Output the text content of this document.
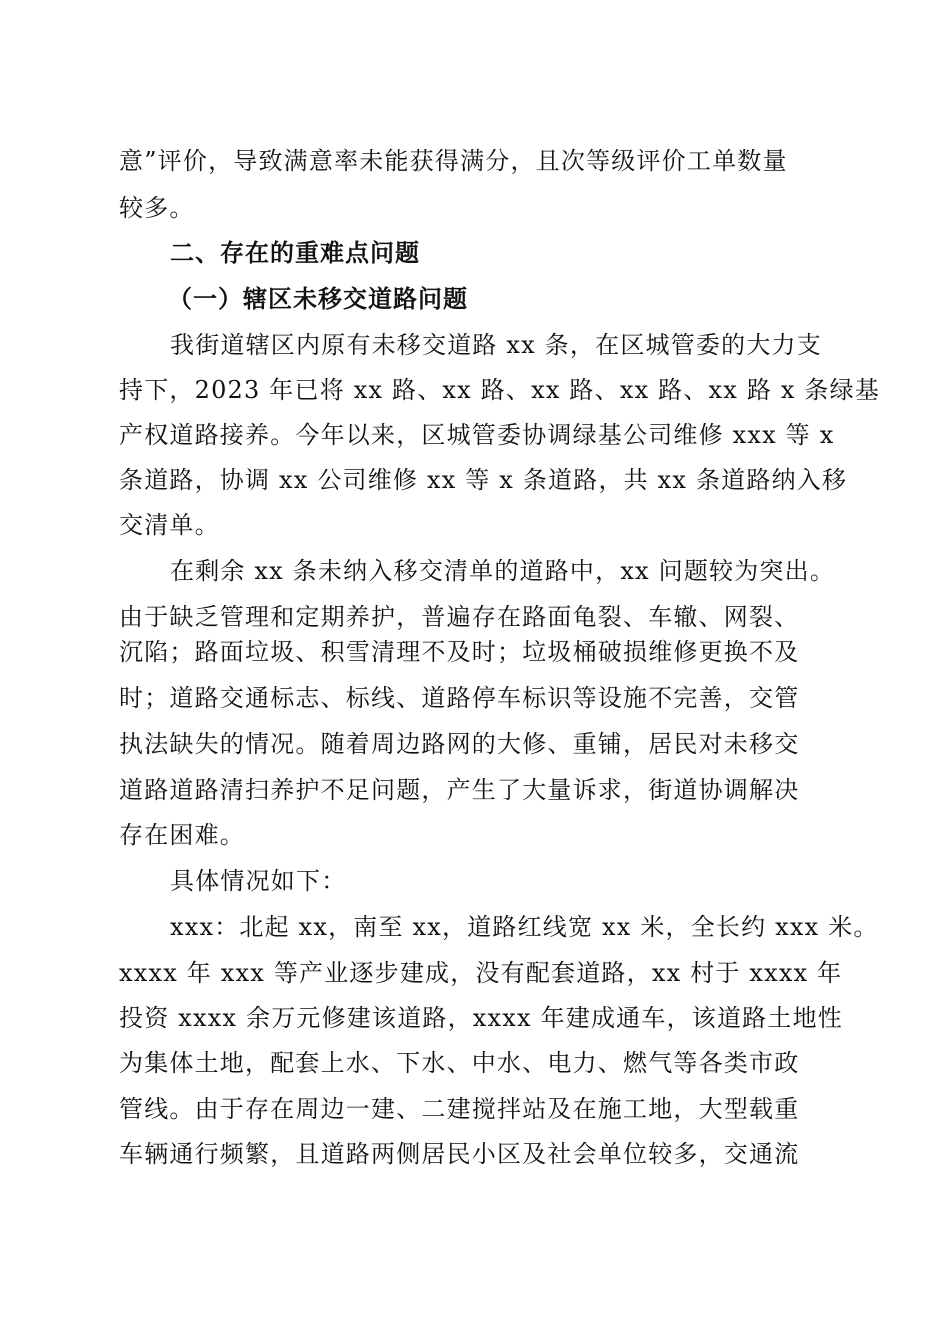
意”评价，导致满意率未能获得满分，且次等级评价工单数量
较多。
二、存在的重难点问题
（一）辖区未移交道路问题
我街道辖区内原有未移交道路 xx 条，在区城管委的大力支
持下，2023 年已将 xx 路、xx 路、xx 路、xx 路、xx 路 x 条绿基
产权道路接养。今年以来，区城管委协调绿基公司维修 xxx 等 x
条道路，协调 xx 公司维修 xx 等 x 条道路，共 xx 条道路纳入移
交清单。
在剩余 xx 条未纳入移交清单的道路中，xx 问题较为突出。
由于缺乏管理和定期养护，普遍存在路面龟裂、车辙、网裂、
沉陷；路面垃圾、积雪清理不及时；垃圾桶破损维修更换不及
时；道路交通标志、标线、道路停车标识等设施不完善，交管
执法缺失的情况。随着周边路网的大修、重铺，居民对未移交
道路道路清扫养护不足问题，产生了大量诉求，街道协调解决
存在困难。
具体情况如下：
xxx：北起 xx，南至 xx，道路红线宽 xx 米，全长约 xxx 米。
xxxx 年 xxx 等产业逐步建成，没有配套道路，xx 村于 xxxx 年
投资 xxxx 余万元修建该道路，xxxx 年建成通车，该道路土地性
为集体土地，配套上水、下水、中水、电力、燃气等各类市政
管线。由于存在周边一建、二建搅拌站及在施工地，大型载重
车辆通行频繁，且道路两侧居民小区及社会单位较多，交通流
